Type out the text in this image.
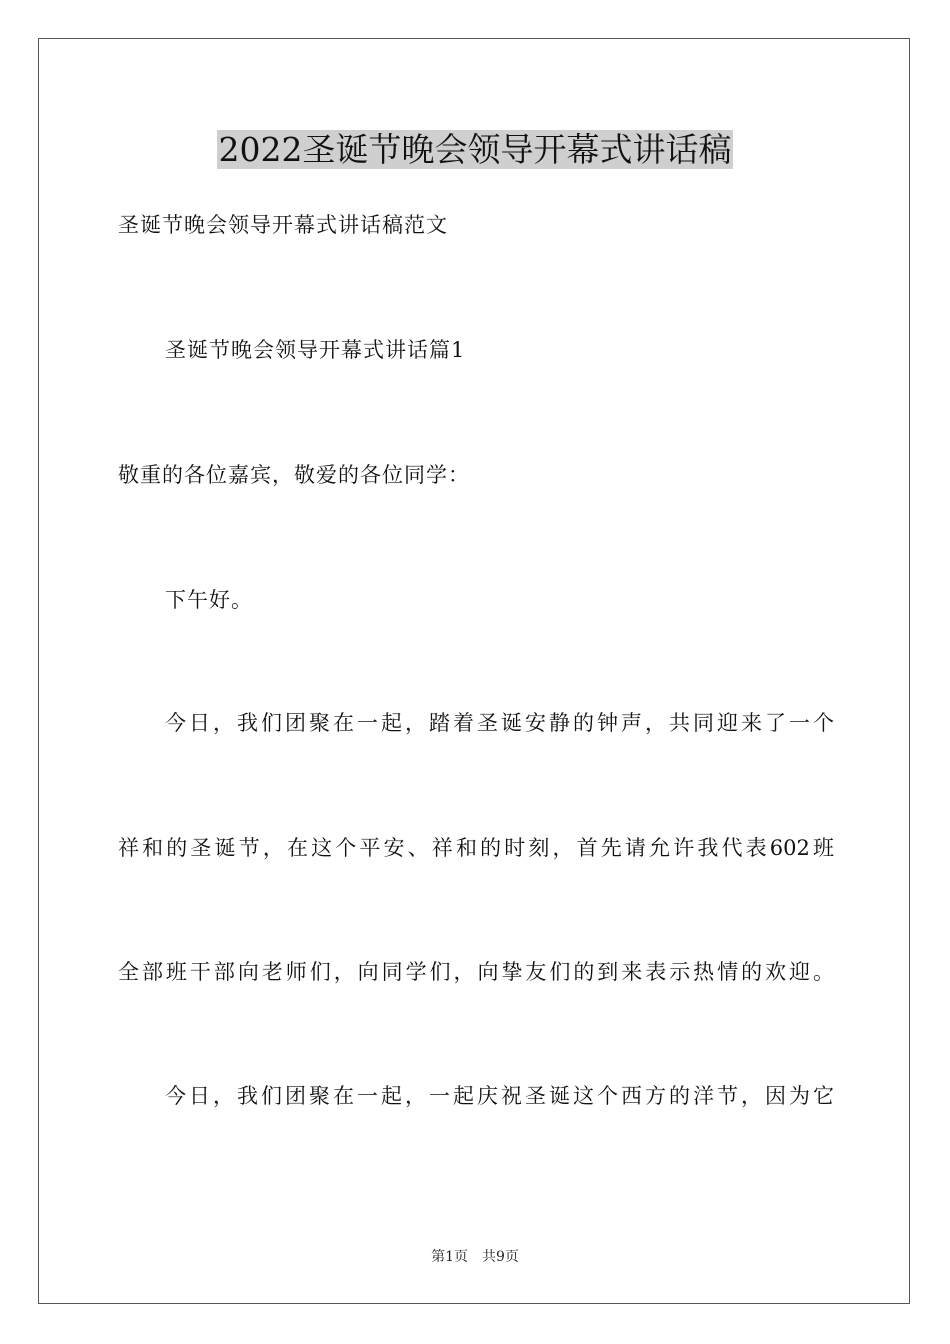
2022圣诞节晚会领导开幕式讲话稿

圣诞节晚会领导开幕式讲话稿范文

圣诞节晚会领导开幕式讲话篇1

敬重的各位嘉宾，敬爱的各位同学：

下午好。

今日，我们团聚在一起，踏着圣诞安静的钟声，共同迎来了一个

祥和的圣诞节，在这个平安、祥和的时刻，首先请允许我代表602班

全部班干部向老师们，向同学们，向挚友们的到来表示热情的欢迎。

今日，我们团聚在一起，一起庆祝圣诞这个西方的洋节，因为它

第1页 共9页
